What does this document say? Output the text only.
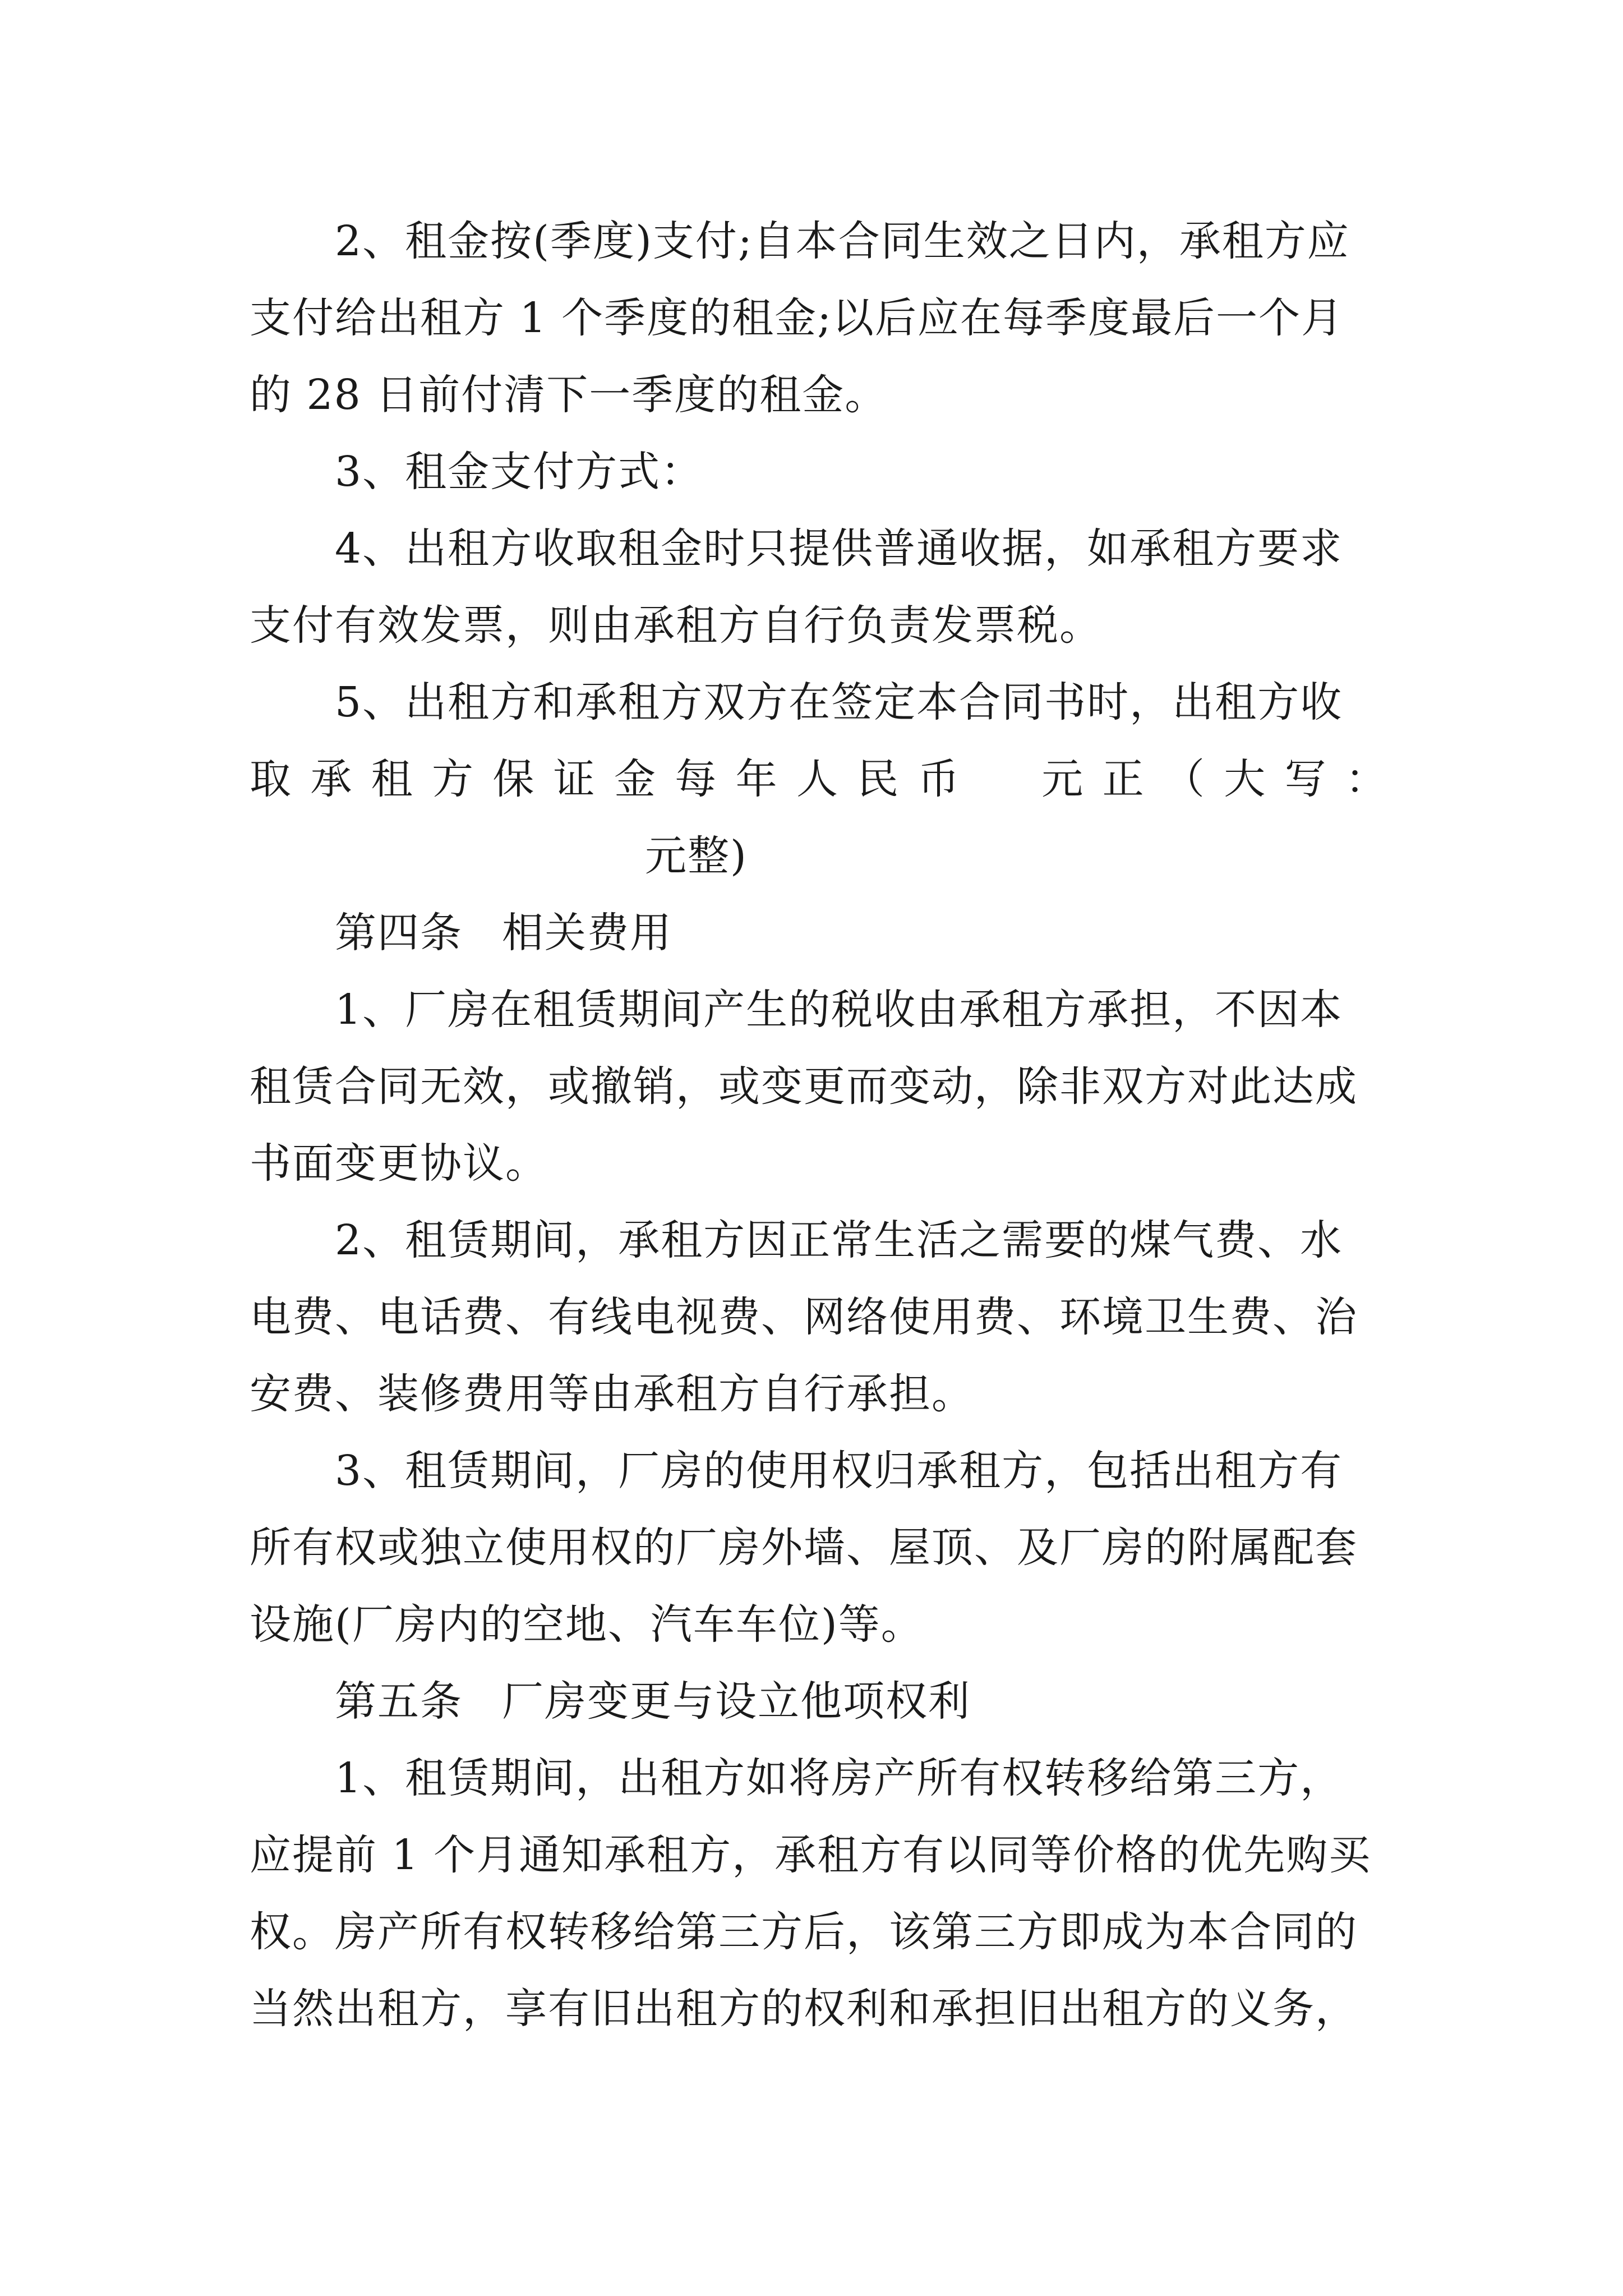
2、租金按(季度)支付;自本合同生效之日内，承租方应
支付给出租方 1 个季度的租金;以后应在每季度最后一个月
的 28 日前付清下一季度的租金。
3、租金支付方式：
4、出租方收取租金时只提供普通收据，如承租方要求
支付有效发票，则由承租方自行负责发票税。
5、出租方和承租方双方在签定本合同书时，出租方收
取 承 租 方 保 证 金 每 年 人 民 币 元 正 （ 大 写 ：
元整)
第四条 相关费用
1、厂房在租赁期间产生的税收由承租方承担，不因本
租赁合同无效，或撤销，或变更而变动，除非双方对此达成
书面变更协议。
2、租赁期间，承租方因正常生活之需要的煤气费、水
电费、电话费、有线电视费、网络使用费、环境卫生费、治
安费、装修费用等由承租方自行承担。
3、租赁期间，厂房的使用权归承租方，包括出租方有
所有权或独立使用权的厂房外墙、屋顶、及厂房的附属配套
设施(厂房内的空地、汽车车位)等。
第五条 厂房变更与设立他项权利
1、租赁期间，出租方如将房产所有权转移给第三方，
应提前 1 个月通知承租方，承租方有以同等价格的优先购买
权。房产所有权转移给第三方后，该第三方即成为本合同的
当然出租方，享有旧出租方的权利和承担旧出租方的义务，
